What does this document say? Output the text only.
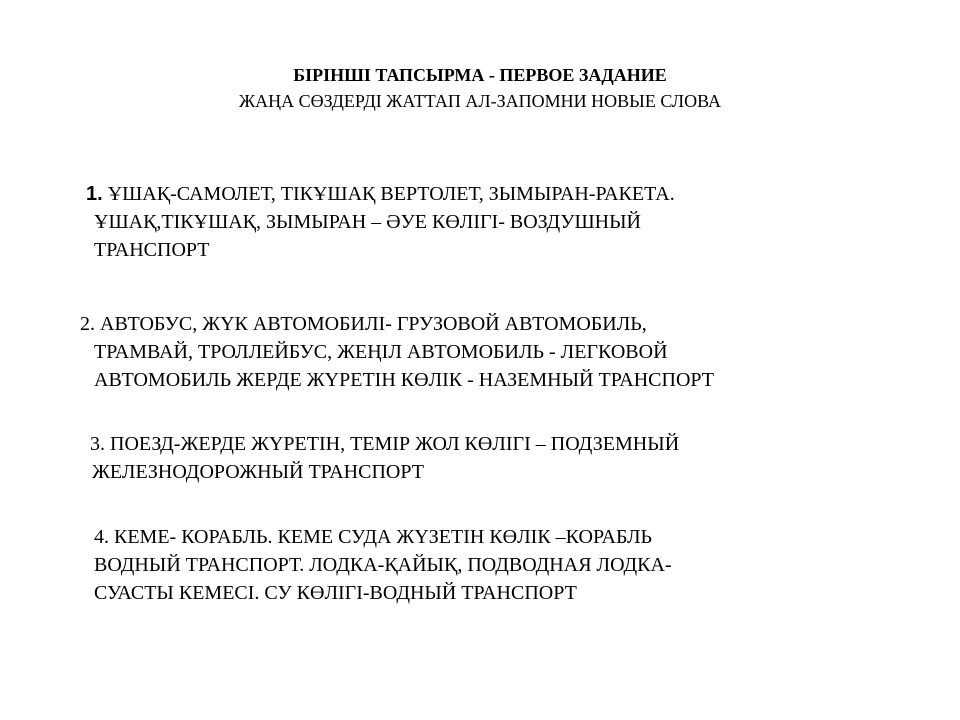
БІРІНШІ ТАПСЫРМА - ПЕРВОЕ ЗАДАНИЕ
ЖАҢА СӨЗДЕРДІ ЖАТТАП АЛ-ЗАПОМНИ НОВЫЕ СЛОВА
1. ҰШАҚ-САМОЛЕТ, ТІКҰШАҚ ВЕРТОЛЕТ, ЗЫМЫРАН-РАКЕТА.
ҰШАҚ,ТІКҰШАҚ, ЗЫМЫРАН – ӘУЕ КӨЛІГІ- ВОЗДУШНЫЙ
ТРАНСПОРТ
2. АВТОБУС, ЖҮК АВТОМОБИЛІ- ГРУЗОВОЙ АВТОМОБИЛЬ,
ТРАМВАЙ, ТРОЛЛЕЙБУС, ЖЕҢІЛ АВТОМОБИЛЬ - ЛЕГКОВОЙ
АВТОМОБИЛЬ ЖЕРДЕ ЖҮРЕТІН КӨЛІК - НАЗЕМНЫЙ ТРАНСПОРТ
3. ПОЕЗД-ЖЕРДЕ ЖҮРЕТІН, ТЕМІР ЖОЛ КӨЛІГІ – ПОДЗЕМНЫЙ
ЖЕЛЕЗНОДОРОЖНЫЙ ТРАНСПОРТ
4. КЕМЕ- КОРАБЛЬ. КЕМЕ СУДА ЖҮЗЕТІН КӨЛІК –КОРАБЛЬ
ВОДНЫЙ ТРАНСПОРТ. ЛОДКА-ҚАЙЫҚ, ПОДВОДНАЯ ЛОДКА-
СУАСТЫ КЕМЕСІ. СУ КӨЛІГІ-ВОДНЫЙ ТРАНСПОРТ
